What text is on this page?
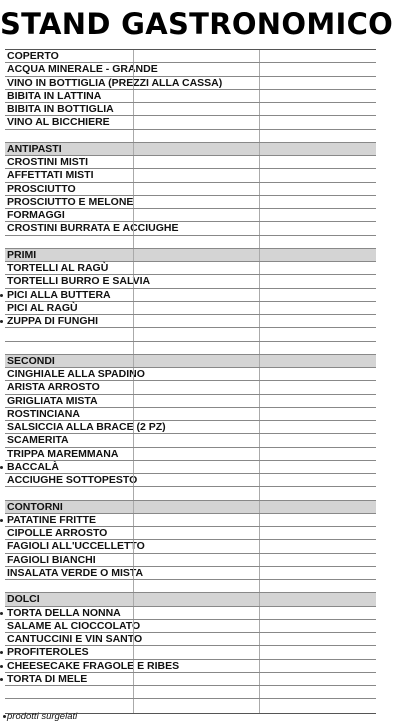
STAND GASTRONOMICO
COPERTO
ACQUA MINERALE - GRANDE
VINO IN BOTTIGLIA (PREZZI ALLA CASSA)
BIBITA IN LATTINA
BIBITA IN BOTTIGLIA
VINO AL BICCHIERE
ANTIPASTI
CROSTINI MISTI
AFFETTATI MISTI
PROSCIUTTO
PROSCIUTTO E MELONE
FORMAGGI
CROSTINI BURRATA E ACCIUGHE
PRIMI
TORTELLI AL RAGÙ
TORTELLI BURRO E SALVIA
PICI ALLA BUTTERA
PICI AL RAGÙ
ZUPPA DI FUNGHI
SECONDI
CINGHIALE ALLA SPADINO
ARISTA ARROSTO
GRIGLIATA MISTA
ROSTINCIANA
SALSICCIA ALLA BRACE (2 PZ)
SCAMERITA
TRIPPA MAREMMANA
BACCALÀ
ACCIUGHE SOTTOPESTO
CONTORNI
PATATINE FRITTE
CIPOLLE ARROSTO
FAGIOLI ALL'UCCELLETTO
FAGIOLI BIANCHI
INSALATA VERDE O MISTA
DOLCI
TORTA DELLA NONNA
SALAME AL CIOCCOLATO
CANTUCCINI E VIN SANTO
PROFITEROLES
CHEESECAKE FRAGOLE E RIBES
TORTA DI MELE
prodotti surgelati
